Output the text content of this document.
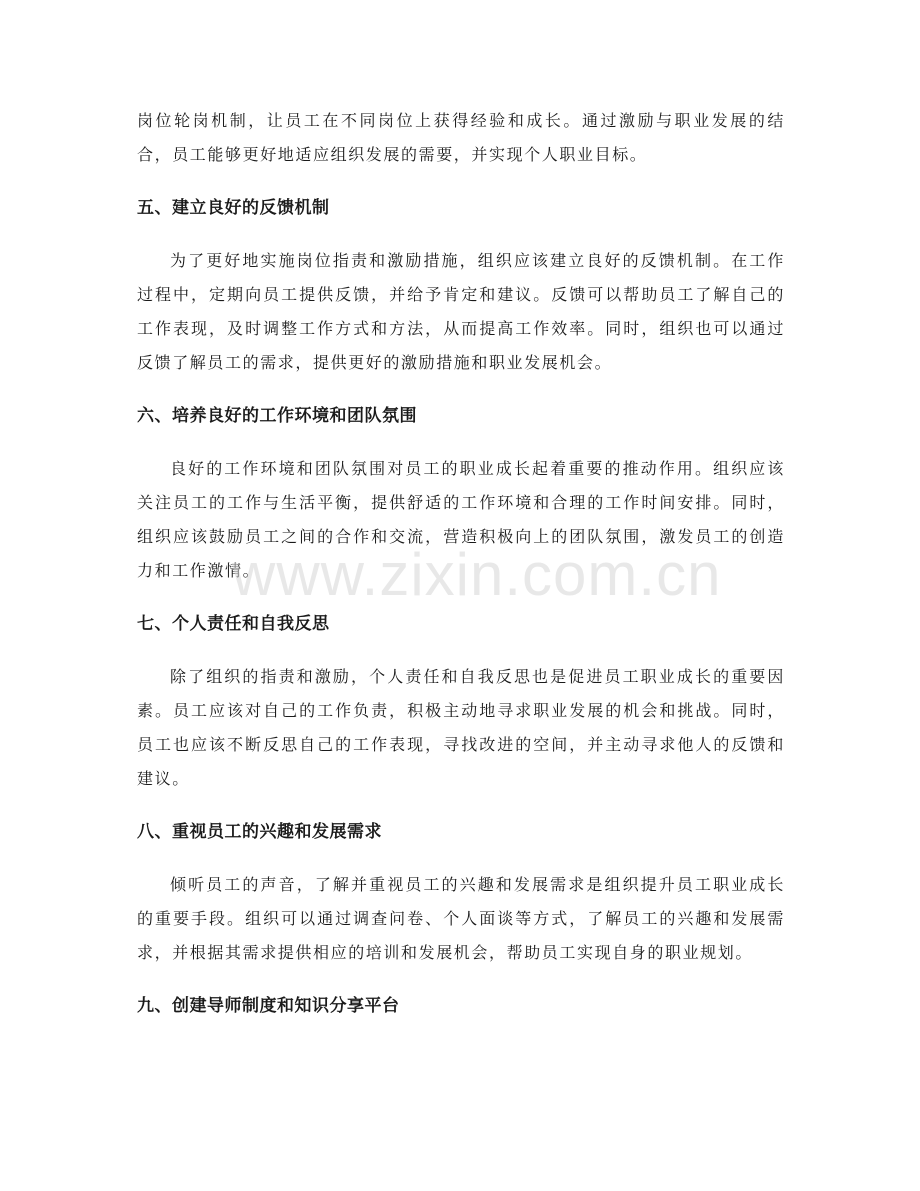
岗位轮岗机制，让员工在不同岗位上获得经验和成长。通过激励与职业发展的结合，员工能够更好地适应组织发展的需要，并实现个人职业目标。

五、建立良好的反馈机制

为了更好地实施岗位指责和激励措施，组织应该建立良好的反馈机制。在工作过程中，定期向员工提供反馈，并给予肯定和建议。反馈可以帮助员工了解自己的工作表现，及时调整工作方式和方法，从而提高工作效率。同时，组织也可以通过反馈了解员工的需求，提供更好的激励措施和职业发展机会。

六、培养良好的工作环境和团队氛围

良好的工作环境和团队氛围对员工的职业成长起着重要的推动作用。组织应该关注员工的工作与生活平衡，提供舒适的工作环境和合理的工作时间安排。同时，组织应该鼓励员工之间的合作和交流，营造积极向上的团队氛围，激发员工的创造力和工作激情。

七、个人责任和自我反思

除了组织的指责和激励，个人责任和自我反思也是促进员工职业成长的重要因素。员工应该对自己的工作负责，积极主动地寻求职业发展的机会和挑战。同时，员工也应该不断反思自己的工作表现，寻找改进的空间，并主动寻求他人的反馈和建议。

八、重视员工的兴趣和发展需求

倾听员工的声音，了解并重视员工的兴趣和发展需求是组织提升员工职业成长的重要手段。组织可以通过调查问卷、个人面谈等方式，了解员工的兴趣和发展需求，并根据其需求提供相应的培训和发展机会，帮助员工实现自身的职业规划。

九、创建导师制度和知识分享平台
www.zixin.com.cn
